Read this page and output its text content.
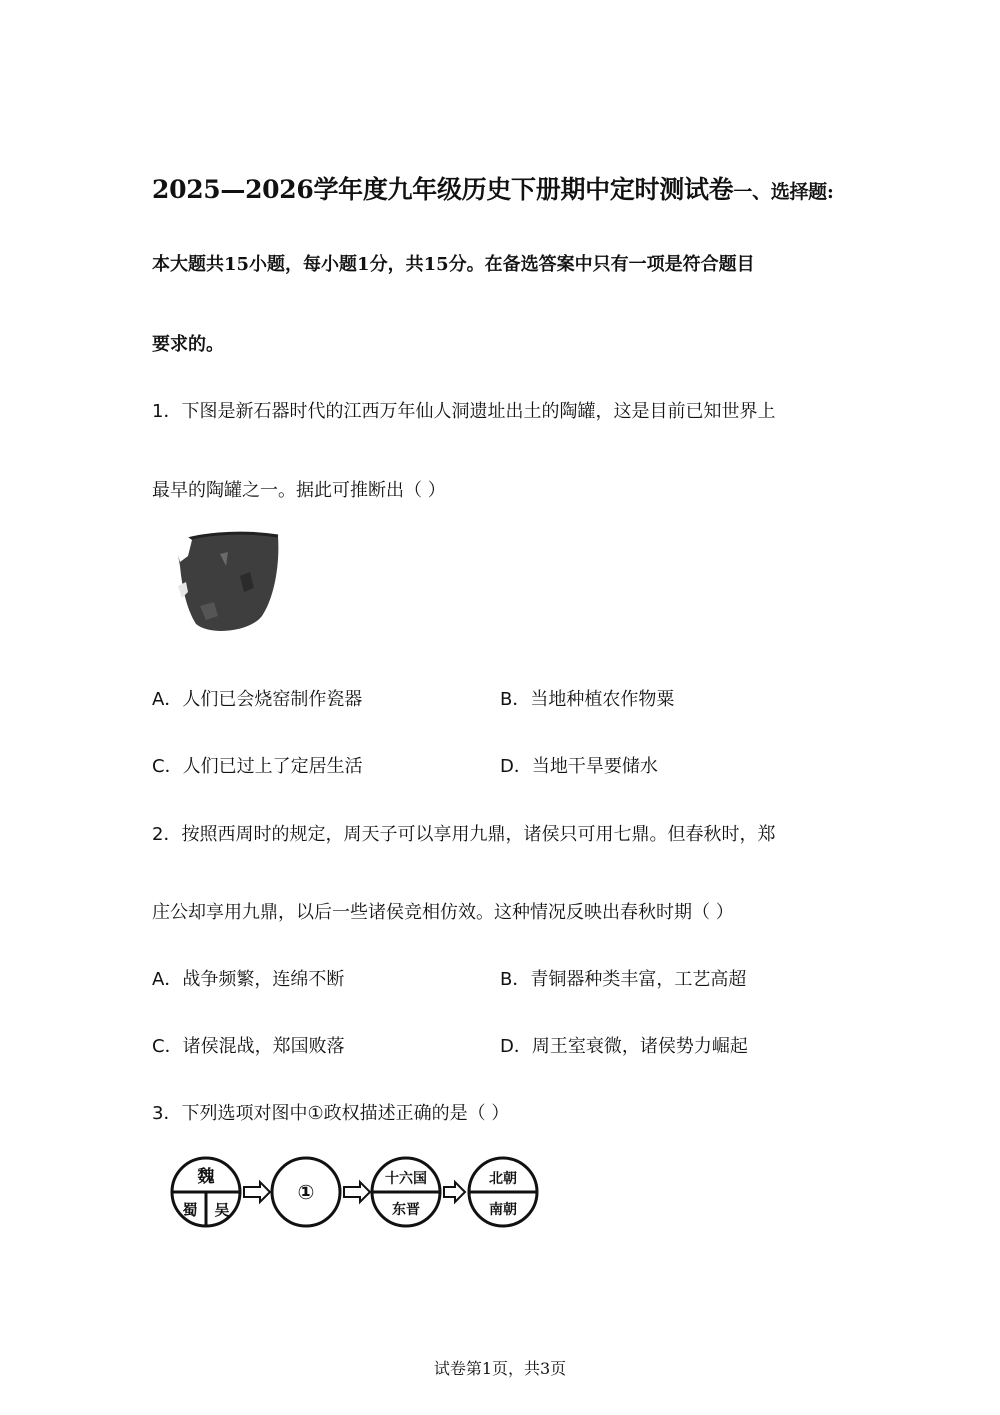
2025—2026学年度九年级历史下册期中定时测试卷一、选择题:
本大题共15小题，每小题1分，共15分。在备选答案中只有一项是符合题目
要求的。
1．下图是新石器时代的江西万年仙人洞遗址出土的陶罐，这是目前已知世界上
最早的陶罐之一。据此可推断出（ ）
A．人们已会烧窑制作瓷器	B．当地种植农作物粟
C．人们已过上了定居生活	D．当地干旱要储水
2．按照西周时的规定，周天子可以享用九鼎，诸侯只可用七鼎。但春秋时，郑
庄公却享用九鼎，以后一些诸侯竞相仿效。这种情况反映出春秋时期（ ）
A．战争频繁，连绵不断	B．青铜器种类丰富，工艺高超
C．诸侯混战，郑国败落	D．周王室衰微，诸侯势力崛起
3．下列选项对图中①政权描述正确的是（ ）
魏
蜀 吴
①
十六国
东晋
北朝
南朝
试卷第1页，共3页
